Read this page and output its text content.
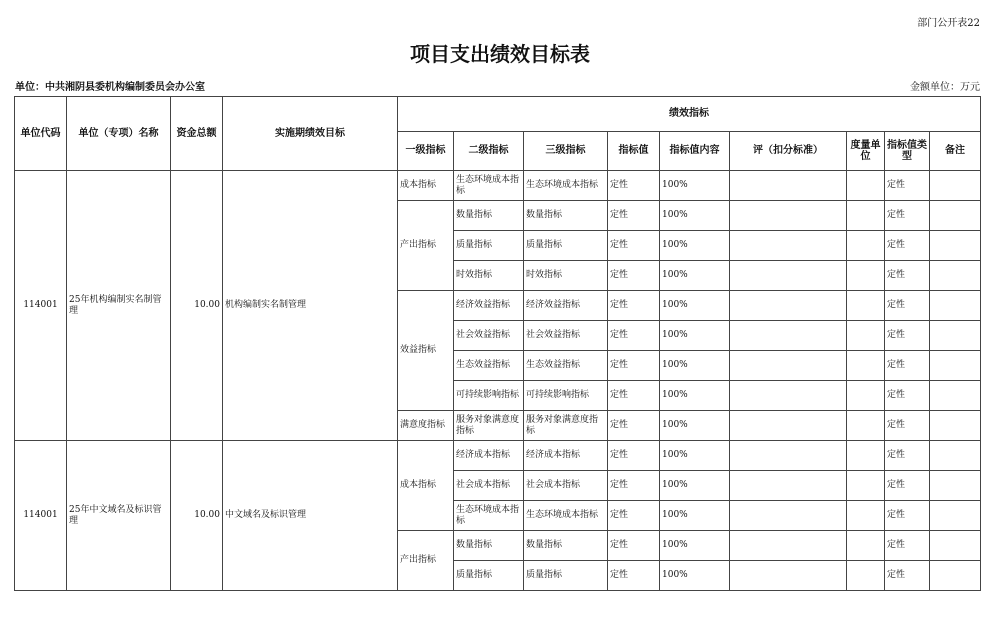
部门公开表22
项目支出绩效目标表
单位：中共湘阴县委机构编制委员会办公室	金额单位：万元
单位代码	单位（专项）名称	资金总额	实施期绩效目标	绩效指标								
				一级指标	二级指标	三级指标	指标值	指标值内容	评（扣分标准）	度量单位	指标值类型	备注
114001	25年机构编制实名制管理	10.00	机构编制实名制管理	成本指标	生态环境成本指标	生态环境成本指标	定性	100%			定性	
				产出指标	数量指标	数量指标	定性	100%			定性	
					质量指标	质量指标	定性	100%			定性	
					时效指标	时效指标	定性	100%			定性	
				效益指标	经济效益指标	经济效益指标	定性	100%			定性	
					社会效益指标	社会效益指标	定性	100%			定性	
					生态效益指标	生态效益指标	定性	100%			定性	
					可持续影响指标	可持续影响指标	定性	100%			定性	
				满意度指标	服务对象满意度指标	服务对象满意度指标	定性	100%			定性	
114001	25年中文域名及标识管理	10.00	中文域名及标识管理	成本指标	经济成本指标	经济成本指标	定性	100%			定性	
					社会成本指标	社会成本指标	定性	100%			定性	
					生态环境成本指标	生态环境成本指标	定性	100%			定性	
				产出指标	数量指标	数量指标	定性	100%			定性	
					质量指标	质量指标	定性	100%			定性	
